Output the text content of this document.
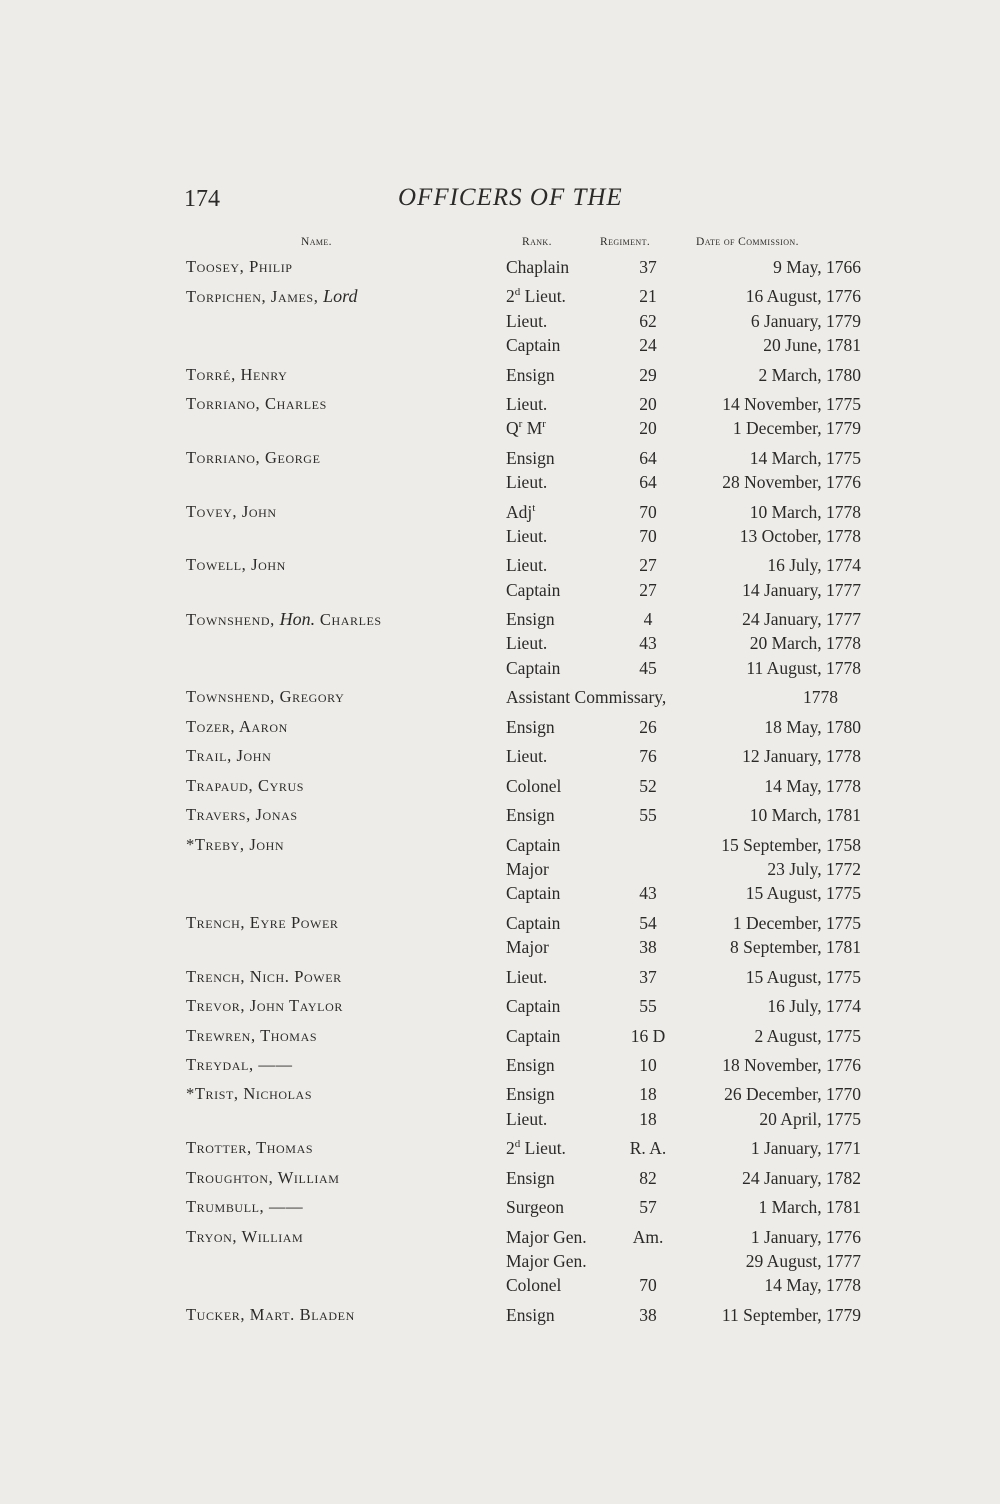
174	OFFICERS OF THE
Name.	Rank.	Regiment.	Date of Commission.
Toosey, Philip	Chaplain	37	9 May, 1766
Torpichen, James, Lord	2$^d$ Lieut.	21	16 August, 1776
Lieut.	62	6 January, 1779
Captain	24	20 June, 1781
Torré, Henry	Ensign	29	2 March, 1780
Torriano, Charles	Lieut.	20	14 November, 1775
$Q^r$ $M^r$	20	1 December, 1779
Torriano, George	Ensign	64	14 March, 1775
Lieut.	64	28 November, 1776
Tovey, John	Adj$^t$	70	10 March, 1778
Lieut.	70	13 October, 1778
Towell, John	Lieut.	27	16 July, 1774
Captain	27	14 January, 1777
Townshend, Hon. Charles	Ensign	4	24 January, 1777
Lieut.	43	20 March, 1778
Captain	45	11 August, 1778
Townshend, Gregory	Assistant Commissary,	1778
Tozer, Aaron	Ensign	26	18 May, 1780
Trail, John	Lieut.	76	12 January, 1778
Trapaud, Cyrus	Colonel	52	14 May, 1778
Travers, Jonas	Ensign	55	10 March, 1781
*Treby, John	Captain	15 September, 1758
Major	23 July, 1772
Captain	43	15 August, 1775
Trench, Eyre Power	Captain	54	1 December, 1775
Major	38	8 September, 1781
Trench, Nich. Power	Lieut.	37	15 August, 1775
Trevor, John Taylor	Captain	55	16 July, 1774
Trewren, Thomas	Captain	16 D	2 August, 1775
Treydal, ——	Ensign	10	18 November, 1776
*Trist, Nicholas	Ensign	18	26 December, 1770
Lieut.	18	20 April, 1775
Trotter, Thomas	2$^d$ Lieut.	R. A.	1 January, 1771
Troughton, William	Ensign	82	24 January, 1782
Trumbull, ——	Surgeon	57	1 March, 1781
Tryon, William	Major Gen.	Am.	1 January, 1776
Major Gen.	29 August, 1777
Colonel	70	14 May, 1778
Tucker, Mart. Bladen	Ensign	38	11 September, 1779
